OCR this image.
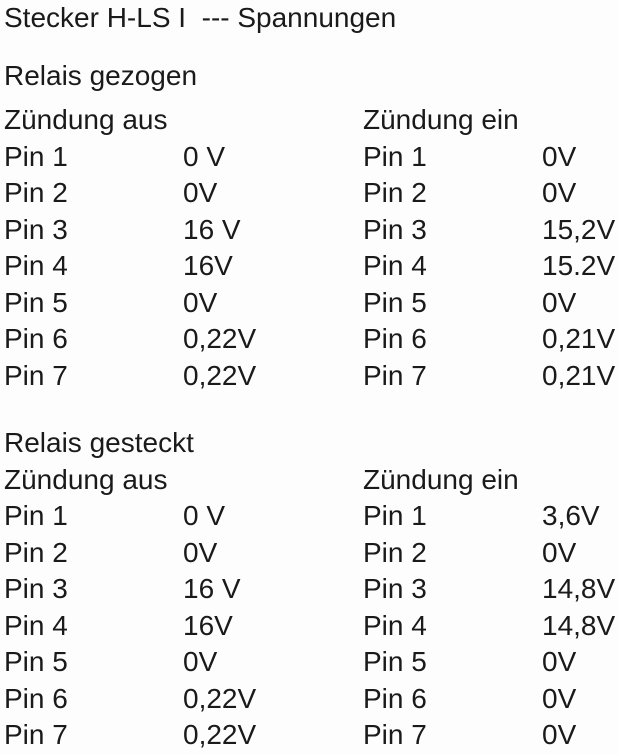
Stecker H-LS I  --- Spannungen
Relais gezogen
Zündung aus
Pin 1	0 V
Pin 2	0V
Pin 3	16 V
Pin 4	16V
Pin 5	0V
Pin 6	0,22V
Pin 7	0,22V
Zündung ein
Pin 1	0V
Pin 2	0V
Pin 3	15,2V
Pin 4	15.2V
Pin 5	0V
Pin 6	0,21V
Pin 7	0,21V
Relais gesteckt
Zündung aus
Pin 1	0 V
Pin 2	0V
Pin 3	16 V
Pin 4	16V
Pin 5	0V
Pin 6	0,22V
Pin 7	0,22V
Zündung ein
Pin 1	3,6V
Pin 2	0V
Pin 3	14,8V
Pin 4	14,8V
Pin 5	0V
Pin 6	0V
Pin 7	0V
